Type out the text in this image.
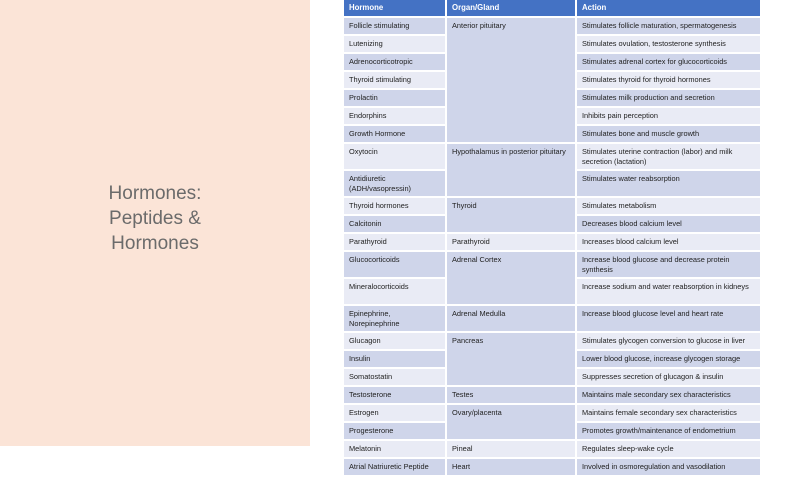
Hormones:
Peptides &
Hormones
Hormone	Organ/Gland	Action
Follicle stimulating	Anterior pituitary	Stimulates follicle maturation, spermatogenesis
Lutenizing		Stimulates ovulation, testosterone synthesis
Adrenocorticotropic		Stimulates adrenal cortex for glucocorticoids
Thyroid stimulating		Stimulates thyroid for thyroid hormones
Prolactin		Stimulates milk production and secretion
Endorphins		Inhibits pain perception
Growth Hormone		Stimulates bone and muscle growth
Oxytocin	Hypothalamus in posterior pituitary	Stimulates uterine contraction (labor) and milk secretion (lactation)
Antidiuretic (ADH/vasopressin)		Stimulates water reabsorption
Thyroid hormones	Thyroid	Stimulates metabolism
Calcitonin		Decreases blood calcium level
Parathyroid	Parathyroid	Increases blood calcium level
Glucocorticoids	Adrenal Cortex	Increase blood glucose and decrease protein synthesis
Mineralocorticoids		Increase sodium and water reabsorption in kidneys
Epinephrine, Norepinephrine	Adrenal Medulla	Increase blood glucose level and heart rate
Glucagon	Pancreas	Stimulates glycogen conversion to glucose in liver
Insulin		Lower blood glucose, increase glycogen storage
Somatostatin		Suppresses secretion of glucagon & insulin
Testosterone	Testes	Maintains male secondary sex characteristics
Estrogen	Ovary/placenta	Maintains female secondary sex characteristics
Progesterone		Promotes growth/maintenance of endometrium
Melatonin	Pineal	Regulates sleep-wake cycle
Atrial Natriuretic Peptide	Heart	Involved in osmoregulation and vasodilation
